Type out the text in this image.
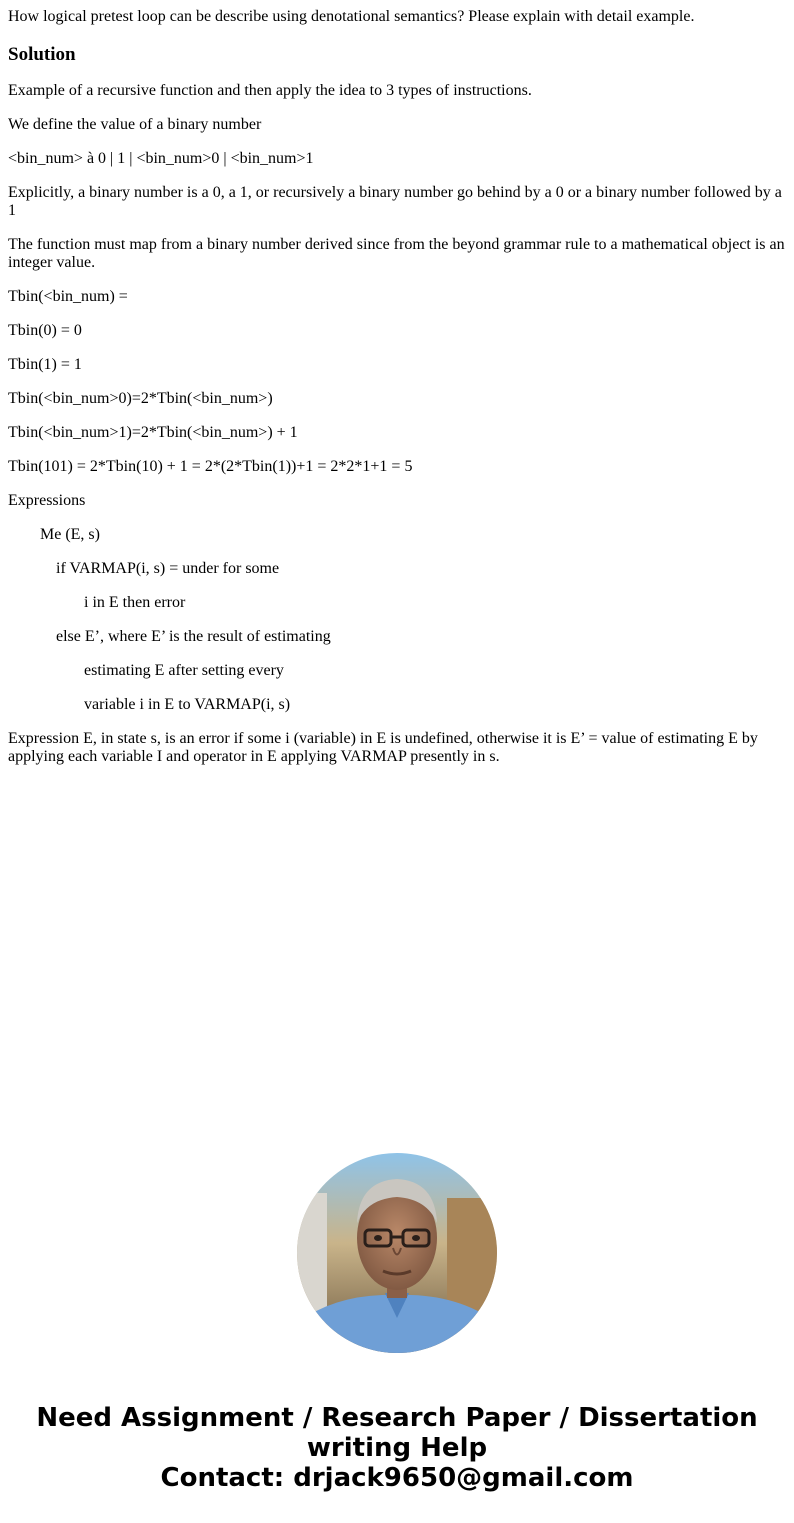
How logical pretest loop can be describe using denotational semantics? Please explain with detail example.

Solution

Example of a recursive function and then apply the idea to 3 types of instructions.

We define the value of a binary number

<bin_num> à 0 | 1 | <bin_num>0 | <bin_num>1

Explicitly, a binary number is a 0, a 1, or recursively a binary number go behind by a 0 or a binary number followed by a 1

The function must map from a binary number derived since from the beyond grammar rule to a mathematical object is an integer value.

Tbin(<bin_num) =

Tbin(0) = 0

Tbin(1) = 1

Tbin(<bin_num>0)=2*Tbin(<bin_num>)

Tbin(<bin_num>1)=2*Tbin(<bin_num>) + 1

Tbin(101) = 2*Tbin(10) + 1 = 2*(2*Tbin(1))+1 = 2*2*1+1 = 5

Expressions

Me (E, s)

if VARMAP(i, s) = under for some

i in E then error

else E’, where E’ is the result of estimating

estimating E after setting every

variable i in E to VARMAP(i, s)

Expression E, in state s, is an error if some i (variable) in E is undefined, otherwise it is E’ = value of estimating E by applying each variable I and operator in E applying VARMAP presently in s.

Need Assignment / Research Paper / Dissertation
writing Help
Contact: drjack9650@gmail.com
